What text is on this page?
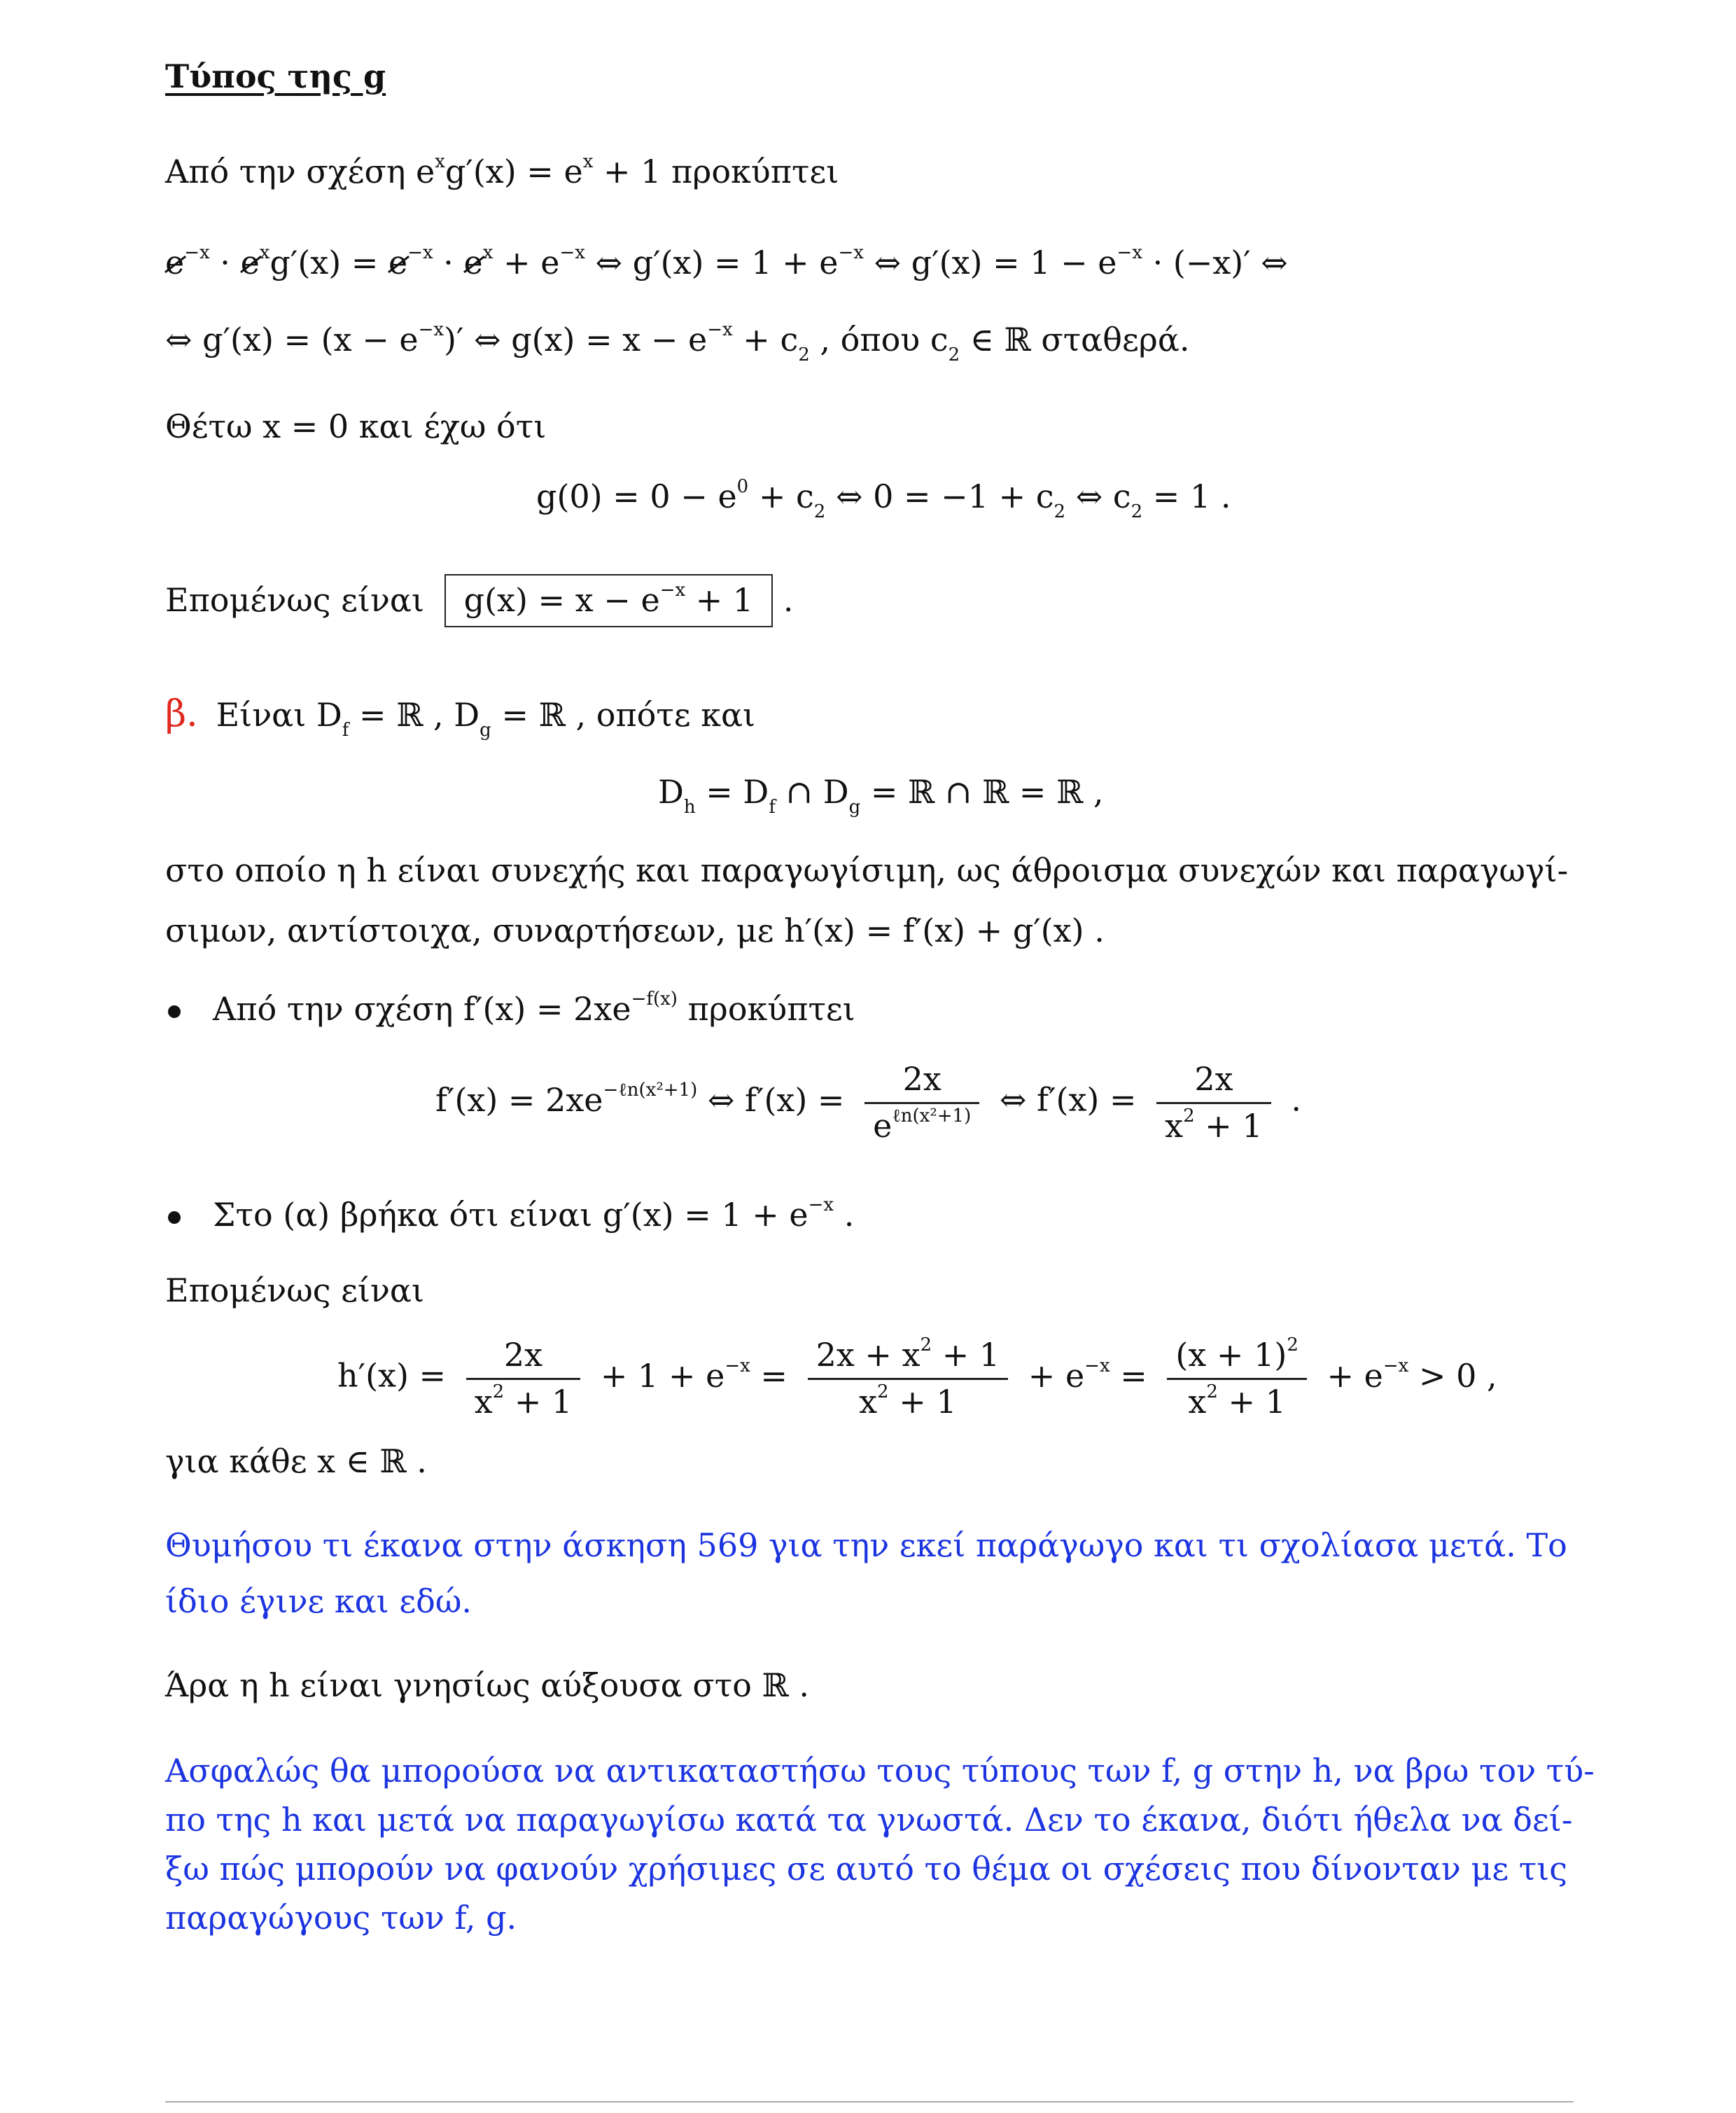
Τύπος της g
Από την σχέση $e^xg'(x) = e^x + 1$ προκύπτει
$e^{-x} \cdot e^xg'(x) = e^{-x} \cdot e^x + e^{-x}$ ⇔ $g'(x) = 1 + e^{-x}$ ⇔ $g'(x) = 1 - e^{-x} \cdot (-x)'$ ⇔
⇔ $g'(x) = (x - e^{-x})'$ ⇔ $g(x) = x - e^{-x} + c_2$ , όπου $c_2$ ∈ ℝ σταθερά.
Θέτω x = 0 και έχω ότι
$g(0) = 0 - e^0 + c_2$ ⇔ $0 = -1 + c_2$ ⇔ $c_2 = 1$ .
Επομένως είναι $g(x) = x - e^{-x} + 1$ .
β. Είναι $D_f$ = ℝ , $D_g$ = ℝ , οπότε και
$D_h = D_f$ ∩ $D_g$ = ℝ ∩ ℝ = ℝ ,
στο οποίο η h είναι συνεχής και παραγωγίσιμη, ως άθροισμα συνεχών και παραγωγί-
σιμων, αντίστοιχα, συναρτήσεων, με h′(x) = f′(x) + g′(x) .
Από την σχέση $f'(x) = 2xe^{-f(x)}$ προκύπτει
$f'(x) = 2xe^{-\ell n(x^2+1)}$ ⇔ $f'(x) = \frac{2x}{e^{\ell n(x^2+1)}}$ ⇔ $f'(x) = \frac{2x}{x^2 + 1}$ .
Στο (α) βρήκα ότι είναι $g'(x) = 1 + e^{-x}$ .
Επομένως είναι
$h'(x) = \frac{2x}{x^2 + 1} + 1 + e^{-x} = \frac{2x + x^2 + 1}{x^2 + 1} + e^{-x} = \frac{(x + 1)^2}{x^2 + 1} + e^{-x} > 0$ ,
για κάθε x ∈ ℝ .
Θυμήσου τι έκανα στην άσκηση 569 για την εκεί παράγωγο και τι σχολίασα μετά. Το
ίδιο έγινε και εδώ.
Άρα η h είναι γνησίως αύξουσα στο ℝ .
Ασφαλώς θα μπορούσα να αντικαταστήσω τους τύπους των f, g στην h, να βρω τον τύ-
πο της h και μετά να παραγωγίσω κατά τα γνωστά. Δεν το έκανα, διότι ήθελα να δεί-
ξω πώς μπορούν να φανούν χρήσιμες σε αυτό το θέμα οι σχέσεις που δίνονταν με τις
παραγώγους των f, g.
